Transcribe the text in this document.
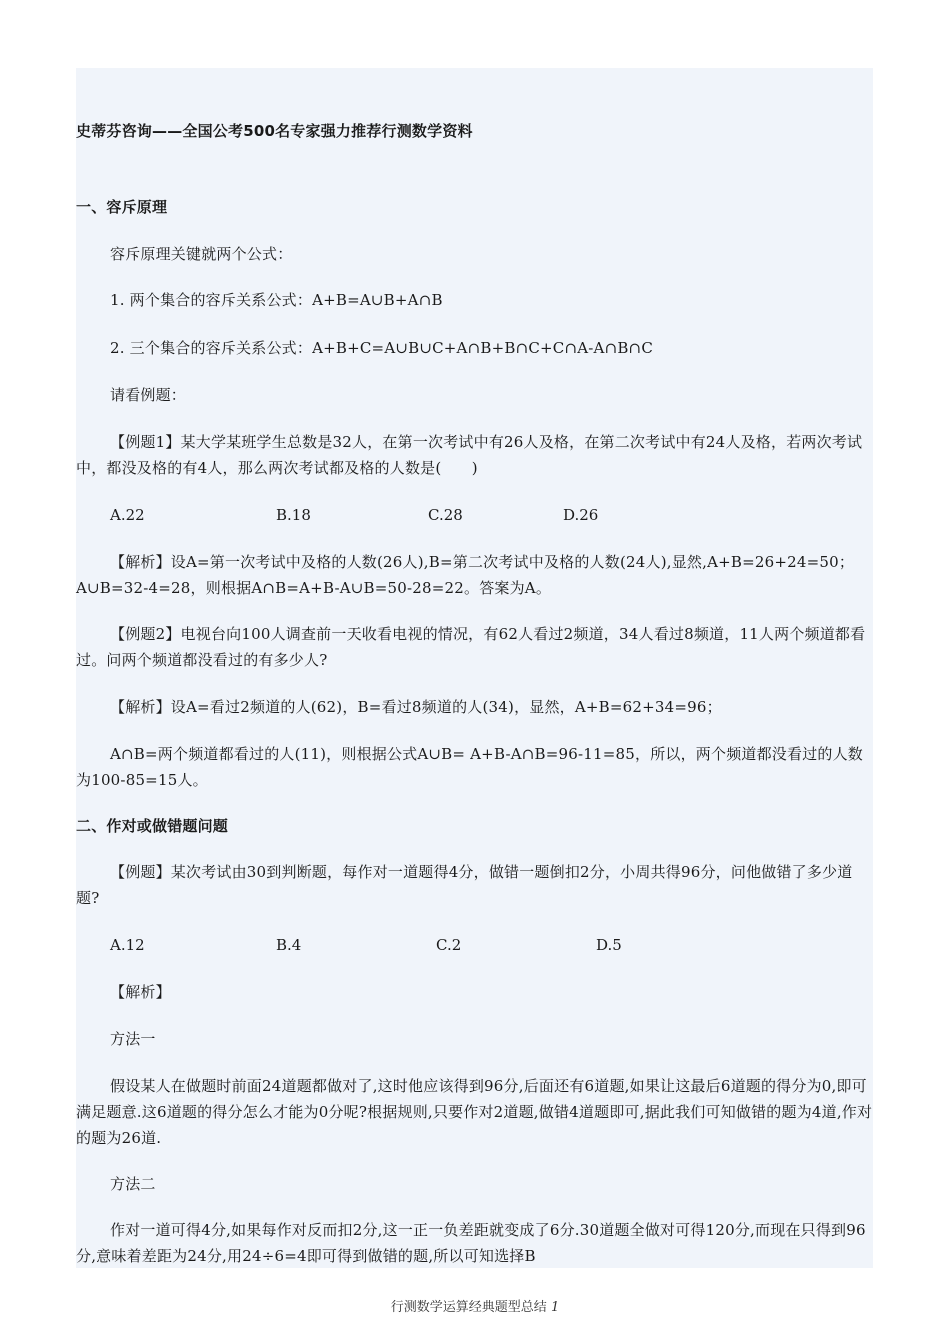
史蒂芬咨询——全国公考500名专家强力推荐行测数学资料
一、容斥原理
容斥原理关键就两个公式：
1. 两个集合的容斥关系公式：A+B=A∪B+A∩B
2. 三个集合的容斥关系公式：A+B+C=A∪B∪C+A∩B+B∩C+C∩A-A∩B∩C
请看例题：
【例题1】某大学某班学生总数是32人，在第一次考试中有26人及格，在第二次考试中有24人及格，若两次考试中，都没及格的有4人，那么两次考试都及格的人数是(　　)
A.22	B.18	C.28	D.26
【解析】设A=第一次考试中及格的人数(26人),B=第二次考试中及格的人数(24人),显然,A+B=26+24=50；A∪B=32-4=28，则根据A∩B=A+B-A∪B=50-28=22。答案为A。
【例题2】电视台向100人调查前一天收看电视的情况，有62人看过2频道，34人看过8频道，11人两个频道都看过。问两个频道都没看过的有多少人?
【解析】设A=看过2频道的人(62)，B=看过8频道的人(34)，显然，A+B=62+34=96；
A∩B=两个频道都看过的人(11)，则根据公式A∪B= A+B-A∩B=96-11=85，所以，两个频道都没看过的人数为100-85=15人。
二、作对或做错题问题
【例题】某次考试由30到判断题，每作对一道题得4分，做错一题倒扣2分，小周共得96分，问他做错了多少道题?
A.12	B.4	C.2	D.5
【解析】
方法一
假设某人在做题时前面24道题都做对了,这时他应该得到96分,后面还有6道题,如果让这最后6道题的得分为0,即可满足题意.这6道题的得分怎么才能为0分呢?根据规则,只要作对2道题,做错4道题即可,据此我们可知做错的题为4道,作对的题为26道.
方法二
作对一道可得4分,如果每作对反而扣2分,这一正一负差距就变成了6分.30道题全做对可得120分,而现在只得到96分,意味着差距为24分,用24÷6=4即可得到做错的题,所以可知选择B
行测数学运算经典题型总结 1
